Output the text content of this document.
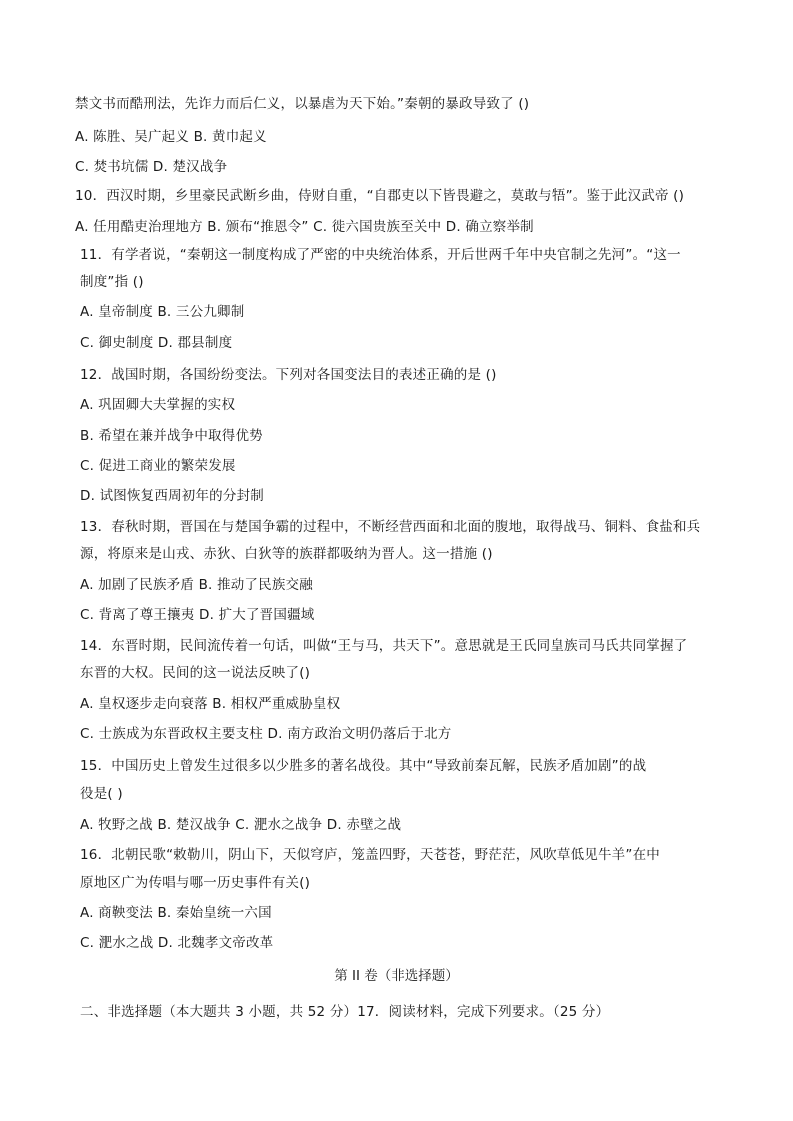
禁文书而酷刑法，先诈力而后仁义，以暴虐为天下始。”秦朝的暴政导致了 ()
A. 陈胜、吴广起义 B. 黄巾起义
C. 焚书坑儒 D. 楚汉战争
10．西汉时期，乡里豪民武断乡曲，侍财自重，“自郡吏以下皆畏避之，莫敢与牾”。鉴于此汉武帝 ()
A. 任用酷吏治理地方 B. 颁布“推恩令” C. 徙六国贵族至关中 D. 确立察举制
11．有学者说，“秦朝这一制度构成了严密的中央统治体系，开后世两千年中央官制之先河”。“这一
制度”指 ()
A. 皇帝制度 B. 三公九卿制
C. 御史制度 D. 郡县制度
12．战国时期，各国纷纷变法。下列对各国变法目的表述正确的是 ()
A. 巩固卿大夫掌握的实权
B. 希望在兼并战争中取得优势
C. 促进工商业的繁荣发展
D. 试图恢复西周初年的分封制
13．春秋时期，晋国在与楚国争霸的过程中，不断经营西面和北面的腹地，取得战马、铜料、食盐和兵
源，将原来是山戎、赤狄、白狄等的族群都吸纳为晋人。这一措施 ()
A. 加剧了民族矛盾 B. 推动了民族交融
C. 背离了尊王攘夷 D. 扩大了晋国疆域
14．东晋时期，民间流传着一句话，叫做“王与马，共天下”。意思就是王氏同皇族司马氏共同掌握了
东晋的大权。民间的这一说法反映了()
A. 皇权逐步走向衰落 B. 相权严重威胁皇权
C. 士族成为东晋政权主要支柱 D. 南方政治文明仍落后于北方
15．中国历史上曾发生过很多以少胜多的著名战役。其中“导致前秦瓦解，民族矛盾加剧”的战
役是( )
A. 牧野之战 B. 楚汉战争 C. 淝水之战争 D. 赤壁之战
16．北朝民歌“敕勒川，阴山下，天似穹庐，笼盖四野，天苍苍，野茫茫，风吹草低见牛羊”在中
原地区广为传唱与哪一历史事件有关()
A. 商鞅变法 B. 秦始皇统一六国
C. 淝水之战 D. 北魏孝文帝改革
第 II 卷（非选择题）
二、非选择题（本大题共 3 小题，共 52 分）17．阅读材料，完成下列要求。（25 分）
